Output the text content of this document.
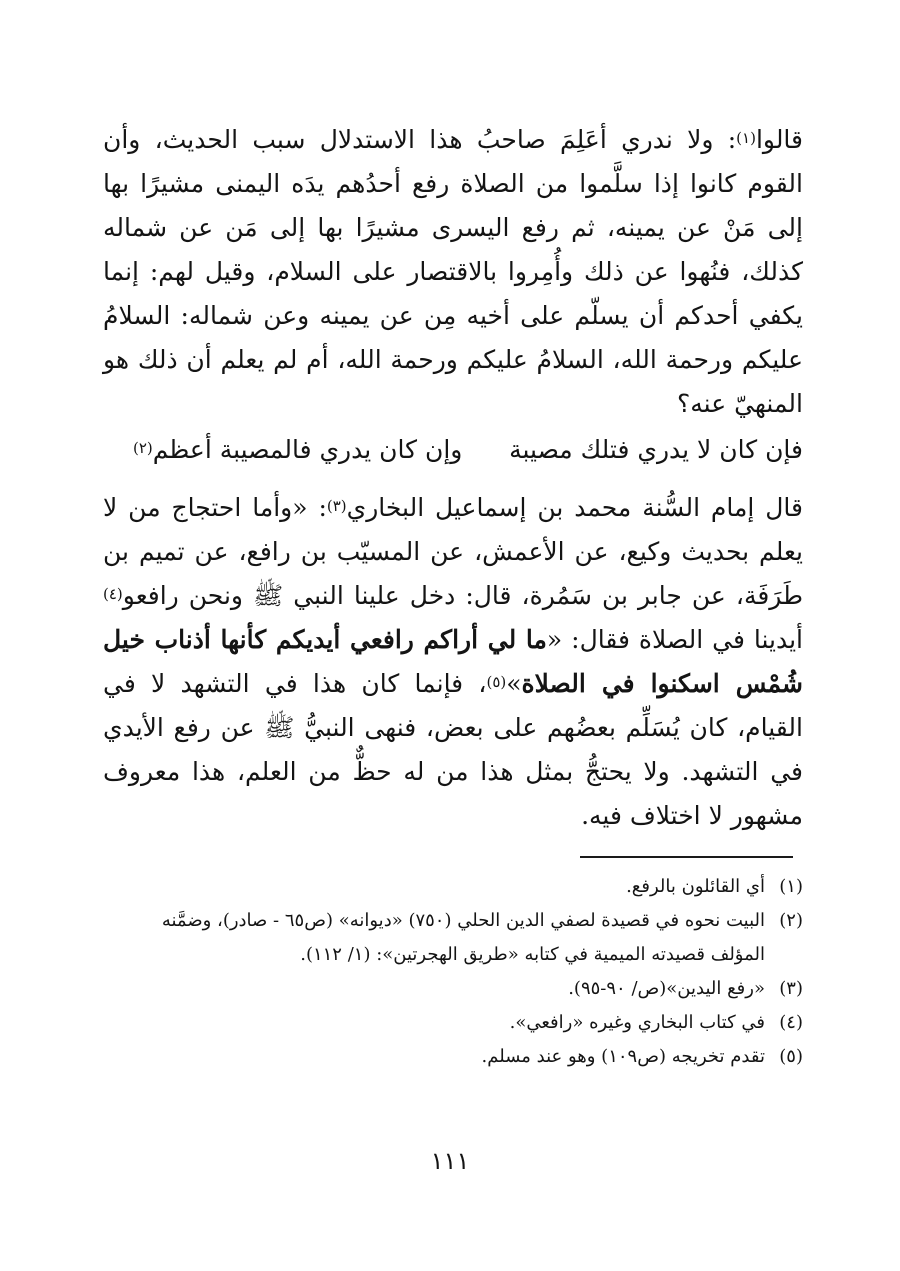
قالوا$^{(١)}$: ولا ندري أعَلِمَ صاحبُ هذا الاستدلال سبب الحديث، وأن القوم كانوا إذا سلَّموا من الصلاة رفع أحدُهم يدَه اليمنى مشيرًا بها إلى مَنْ عن يمينه، ثم رفع اليسرى مشيرًا بها إلى مَن عن شماله كذلك، فنُهوا عن ذلك وأُمِروا بالاقتصار على السلام، وقيل لهم: إنما يكفي أحدكم أن يسلّم على أخيه مِن عن يمينه وعن شماله: السلامُ عليكم ورحمة الله، السلامُ عليكم ورحمة الله، أم لم يعلم أن ذلك هو المنهيّ عنه؟

فإن كان لا يدري فتلك مصيبة
وإن كان يدري فالمصيبة أعظم$^{(٢)}$

قال إمام السُّنة محمد بن إسماعيل البخاري$^{(٣)}$: «وأما احتجاج من لا يعلم بحديث وكيع، عن الأعمش، عن المسيّب بن رافع، عن تميم بن طَرَفَة، عن جابر بن سَمُرة، قال: دخل علينا النبي ﷺ ونحن رافعو$^{(٤)}$ أيدينا في الصلاة فقال: «ما لي أراكم رافعي أيديكم كأنها أذناب خيل شُمْس اسكنوا في الصلاة»$^{(٥)}$، فإنما كان هذا في التشهد لا في القيام، كان يُسَلِّم بعضُهم على بعض، فنهى النبيُّ ﷺ عن رفع الأيدي في التشهد. ولا يحتجُّ بمثل هذا من له حظٌّ من العلم، هذا معروف مشهور لا اختلاف فيه.

(١)
أي القائلون بالرفع.
(٢)
البيت نحوه في قصيدة لصفي الدين الحلي (٧٥٠) «ديوانه» (ص٦٥ - صادر)، وضمَّنه المؤلف قصيدته الميمية في كتابه «طريق الهجرتين»: (١/ ١١٢).
(٣)
«رفع اليدين»(ص/ ٩٠-٩٥).
(٤)
في كتاب البخاري وغيره «رافعي».
(٥)
تقدم تخريجه (ص١٠٩) وهو عند مسلم.
١١١
